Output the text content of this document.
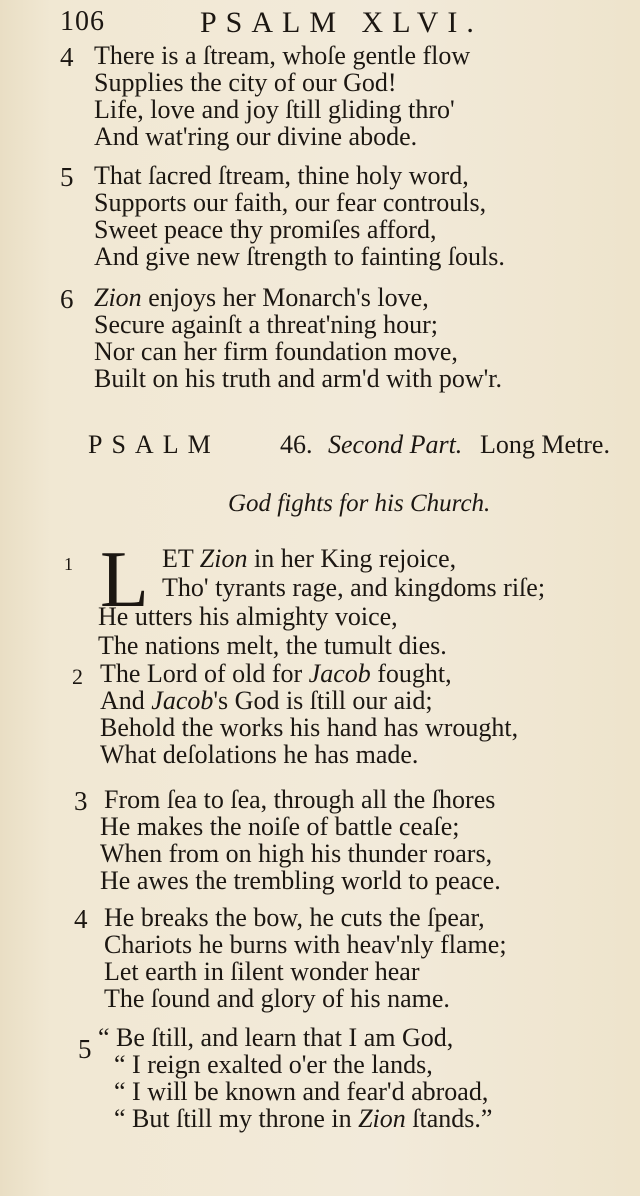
106	PSALM XLVI.
4 There is a ſtream, whoſe gentle flow
Supplies the city of our God!
Life, love and joy ſtill gliding thro'
And wat'ring our divine abode.
5 That ſacred ſtream, thine holy word,
Supports our faith, our fear controuls,
Sweet peace thy promiſes afford,
And give new ſtrength to fainting ſouls.
6 Zion enjoys her Monarch's love,
Secure againſt a threat'ning hour;
Nor can her firm foundation move,
Built on his truth and arm'd with pow'r.
PSALM 46. Second Part. Long Metre.
God fights for his Church.
1 L ET Zion in her King rejoice,
Tho' tyrants rage, and kingdoms riſe;
He utters his almighty voice,
The nations melt, the tumult dies.
2 The Lord of old for Jacob fought,
And Jacob's God is ſtill our aid;
Behold the works his hand has wrought,
What deſolations he has made.
3 From ſea to ſea, through all the ſhores
He makes the noiſe of battle ceaſe;
When from on high his thunder roars,
He awes the trembling world to peace.
4 He breaks the bow, he cuts the ſpear,
Chariots he burns with heav'nly flame;
Let earth in ſilent wonder hear
The ſound and glory of his name.
5 “ Be ſtill, and learn that I am God,
“ I reign exalted o'er the lands,
“ I will be known and fear'd abroad,
“ But ſtill my throne in Zion ſtands.”
